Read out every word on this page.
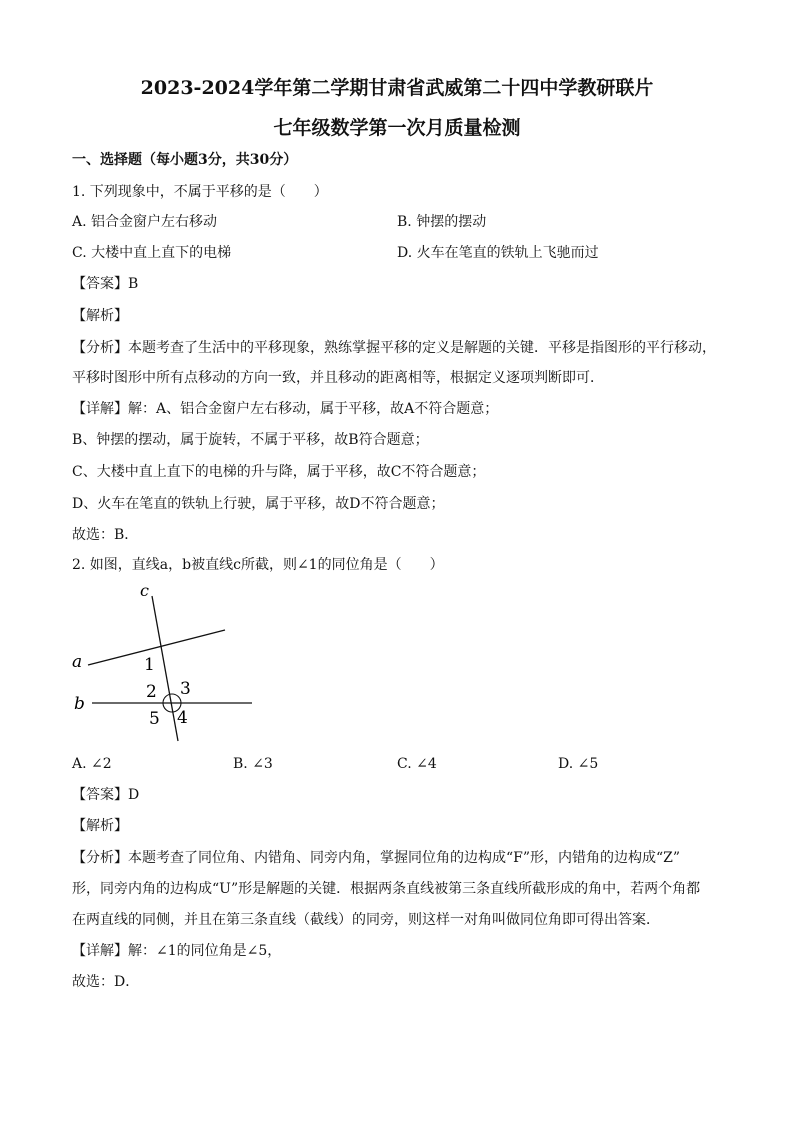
2023-2024学年第二学期甘肃省武威第二十四中学教研联片
七年级数学第一次月质量检测
一、选择题（每小题3分，共30分）
1. 下列现象中，不属于平移的是（　　）
A. 铝合金窗户左右移动	B. 钟摆的摆动
C. 大楼中直上直下的电梯	D. 火车在笔直的铁轨上飞驰而过
【答案】B
【解析】
【分析】本题考查了生活中的平移现象，熟练掌握平移的定义是解题的关键．平移是指图形的平行移动，
平移时图形中所有点移动的方向一致，并且移动的距离相等，根据定义逐项判断即可．
【详解】解：A、铝合金窗户左右移动，属于平移，故A不符合题意；
B、钟摆的摆动，属于旋转，不属于平移，故B符合题意；
C、大楼中直上直下的电梯的升与降，属于平移，故C不符合题意；
D、火车在笔直的铁轨上行驶，属于平移，故D不符合题意；
故选：B．
2. 如图，直线a，b被直线c所截，则∠1的同位角是（　　）
c
a
b
1
2 3
4
5
A. ∠2	B. ∠3	C. ∠4	D. ∠5
【答案】D
【解析】
【分析】本题考查了同位角、内错角、同旁内角，掌握同位角的边构成“F”形，内错角的边构成“Z”
形，同旁内角的边构成“U”形是解题的关键．根据两条直线被第三条直线所截形成的角中，若两个角都
在两直线的同侧，并且在第三条直线（截线）的同旁，则这样一对角叫做同位角即可得出答案．
【详解】解：∠1的同位角是∠5，
故选：D．
